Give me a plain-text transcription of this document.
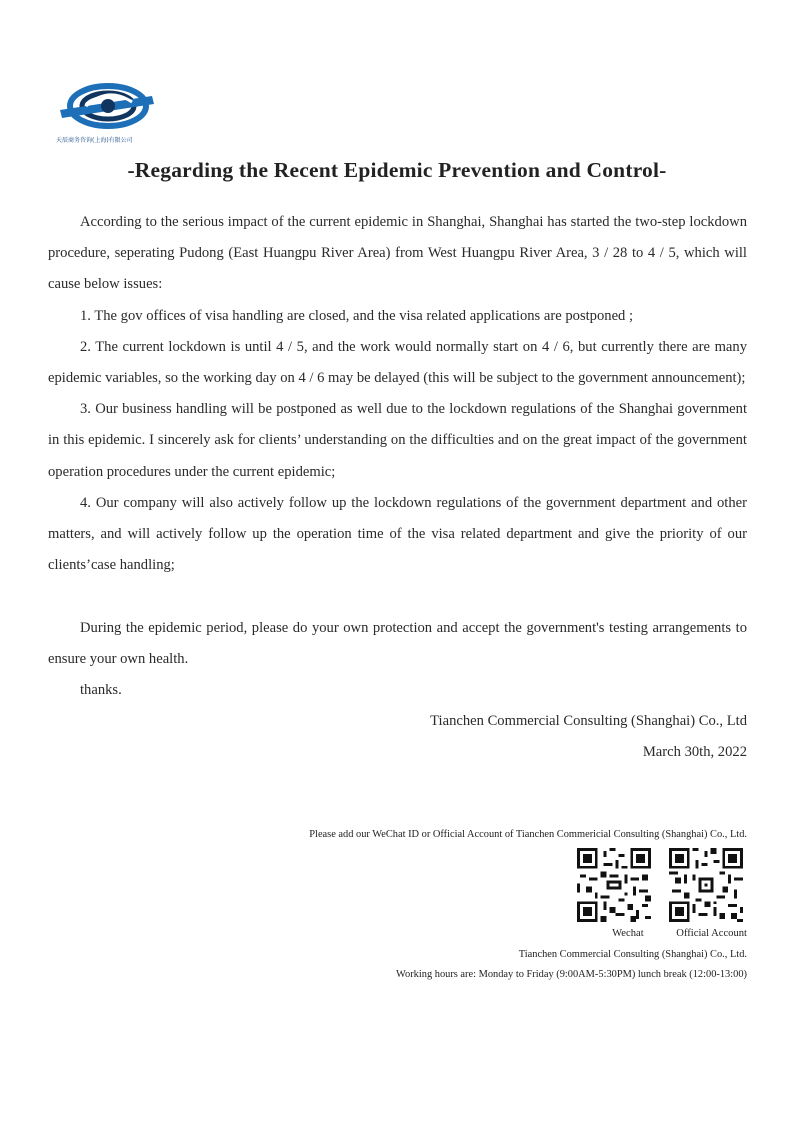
天辰商务咨询(上海)有限公司
-Regarding the Recent Epidemic Prevention and Control-

According to the serious impact of the current epidemic in Shanghai, Shanghai has started the two-step lockdown procedure, seperating Pudong (East Huangpu River Area) from West Huangpu River Area, 3 / 28 to 4 / 5, which will cause below issues:

1. The gov offices of visa handling are closed, and the visa related applications are postponed ;

2. The current lockdown is until 4 / 5, and the work would normally start on 4 / 6, but currently there are many epidemic variables, so the working day on 4 / 6 may be delayed (this will be subject to the government announcement);

3. Our business handling will be postponed as well due to the lockdown regulations of the Shanghai government in this epidemic. I sincerely ask for clients’ understanding on the difficulties and on the great impact of the government operation procedures under the current epidemic;

4. Our company will also actively follow up the lockdown regulations of the government department and other matters, and will actively follow up the operation time of the visa related department and give the priority of our clients’case handling;

During the epidemic period, please do your own protection and accept the government's testing arrangements to ensure your own health.

thanks.

Tianchen Commercial Consulting (Shanghai) Co., Ltd

March 30th, 2022

Please add our WeChat ID or Official Account of Tianchen Commericial Consulting (Shanghai) Co., Ltd.
Wechat	Official Account
Tianchen Commercial Consulting (Shanghai) Co., Ltd.
Working hours are: Monday to Friday (9:00AM-5:30PM) lunch break (12:00-13:00)
